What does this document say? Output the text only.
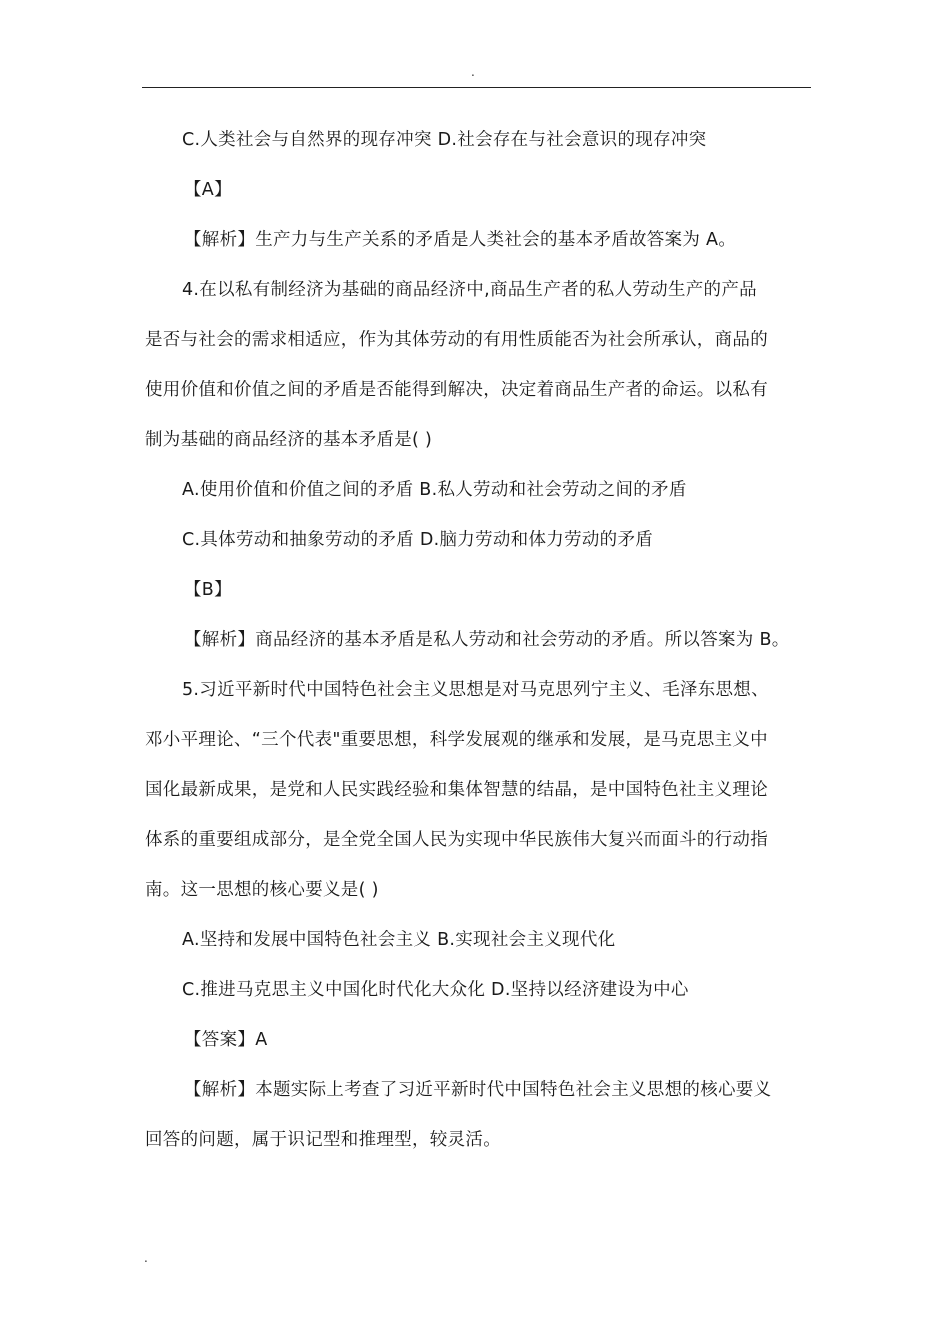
.
C.人类社会与自然界的现存冲突 D.社会存在与社会意识的现存冲突
【A】
【解析】生产力与生产关系的矛盾是人类社会的基本矛盾故答案为 A。
4.在以私有制经济为基础的商品经济中,商品生产者的私人劳动生产的产品
是否与社会的需求相适应，作为其体劳动的有用性质能否为社会所承认，商品的
使用价值和价值之间的矛盾是否能得到解决，决定着商品生产者的命运。以私有
制为基础的商品经济的基本矛盾是( )
A.使用价值和价值之间的矛盾 B.私人劳动和社会劳动之间的矛盾
C.具体劳动和抽象劳动的矛盾 D.脑力劳动和体力劳动的矛盾
【B】
【解析】商品经济的基本矛盾是私人劳动和社会劳动的矛盾。所以答案为 B。
5.习近平新时代中国特色社会主义思想是对马克思列宁主义、毛泽东思想、
邓小平理论、“三个代表"重要思想，科学发展观的继承和发展，是马克思主义中
国化最新成果，是党和人民实践经验和集体智慧的结晶，是中国特色社主义理论
体系的重要组成部分，是全党全国人民为实现中华民族伟大复兴而面斗的行动指
南。这一思想的核心要义是( )
A.坚持和发展中国特色社会主义 B.实现社会主义现代化
C.推进马克思主义中国化时代化大众化 D.坚持以经济建设为中心
【答案】A
【解析】本题实际上考查了习近平新时代中国特色社会主义思想的核心要义
回答的问题，属于识记型和推理型，较灵活。
.
